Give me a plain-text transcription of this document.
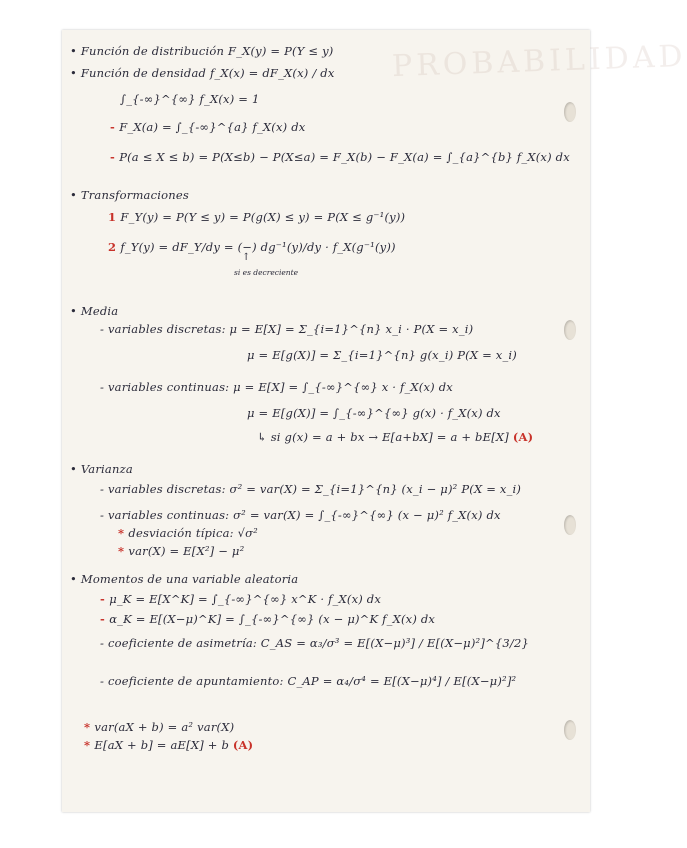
PROBABILIDAD
• Función de distribución F_X(y) = P(Y ≤ y)
• Función de densidad f_X(x) = dF_X(x) / dx
∫_{-∞}^{∞} f_X(x) = 1
- F_X(a) = ∫_{-∞}^{a} f_X(x) dx
- P(a ≤ X ≤ b) = P(X≤b) − P(X≤a) = F_X(b) − F_X(a) = ∫_{a}^{b} f_X(x) dx
• Transformaciones
1 F_Y(y) = P(Y ≤ y) = P(g(X) ≤ y) = P(X ≤ g⁻¹(y))
2 f_Y(y) = dF_Y/dy = (−) dg⁻¹(y)/dy · f_X(g⁻¹(y))
↑
si es decreciente
• Media
- variables discretas: μ = E[X] = Σ_{i=1}^{n} x_i · P(X = x_i)
μ = E[g(X)] = Σ_{i=1}^{n} g(x_i) P(X = x_i)
- variables continuas: μ = E[X] = ∫_{-∞}^{∞} x · f_X(x) dx
μ = E[g(X)] = ∫_{-∞}^{∞} g(x) · f_X(x) dx
↳ si g(x) = a + bx → E[a+bX] = a + bE[X] (A)
• Varianza
- variables discretas: σ² = var(X) = Σ_{i=1}^{n} (x_i − μ)² P(X = x_i)
- variables continuas: σ² = var(X) = ∫_{-∞}^{∞} (x − μ)² f_X(x) dx
* desviación típica: √σ²
* var(X) = E[X²] − μ²
• Momentos de una variable aleatoria
- μ_K = E[X^K] = ∫_{-∞}^{∞} x^K · f_X(x) dx
- α_K = E[(X−μ)^K] = ∫_{-∞}^{∞} (x − μ)^K f_X(x) dx
- coeficiente de asimetría: C_AS = α₃/σ³ = E[(X−μ)³] / E[(X−μ)²]^{3/2}
- coeficiente de apuntamiento: C_AP = α₄/σ⁴ = E[(X−μ)⁴] / E[(X−μ)²]²
* var(aX + b) = a² var(X)
* E[aX + b] = aE[X] + b (A)
